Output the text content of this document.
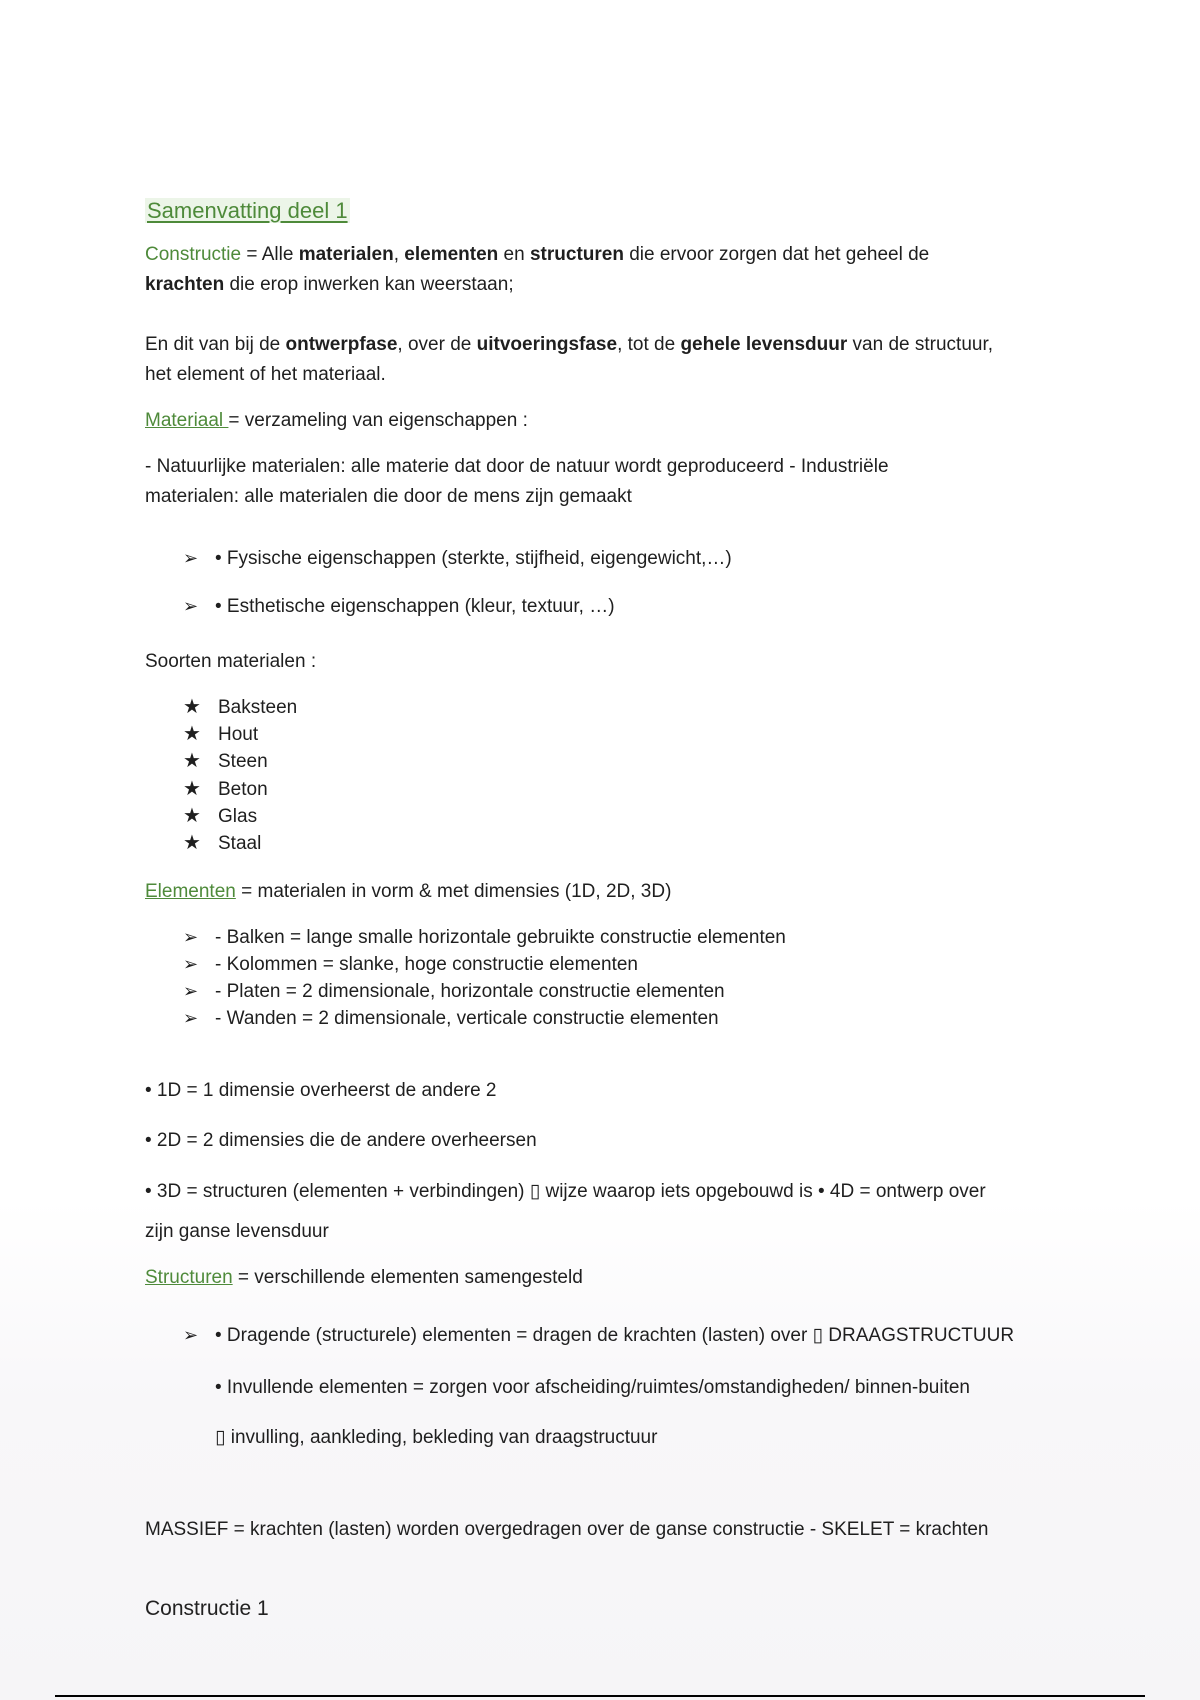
Samenvatting deel 1
Constructie = Alle materialen, elementen en structuren die ervoor zorgen dat het geheel de
krachten die erop inwerken kan weerstaan;
En dit van bij de ontwerpfase, over de uitvoeringsfase, tot de gehele levensduur van de structuur,
het element of het materiaal.
Materiaal = verzameling van eigenschappen :
- Natuurlijke materialen: alle materie dat door de natuur wordt geproduceerd - Industriële
materialen: alle materialen die door de mens zijn gemaakt
➢ • Fysische eigenschappen (sterkte, stijfheid, eigengewicht,…)
➢ • Esthetische eigenschappen (kleur, textuur, …)
Soorten materialen :
★ Baksteen
★ Hout
★ Steen
★ Beton
★ Glas
★ Staal
Elementen = materialen in vorm & met dimensies (1D, 2D, 3D)
➢ - Balken = lange smalle horizontale gebruikte constructie elementen
➢ - Kolommen = slanke, hoge constructie elementen
➢ - Platen = 2 dimensionale, horizontale constructie elementen
➢ - Wanden = 2 dimensionale, verticale constructie elementen
• 1D = 1 dimensie overheerst de andere 2
• 2D = 2 dimensies die de andere overheersen
• 3D = structuren (elementen + verbindingen) ▯ wijze waarop iets opgebouwd is • 4D = ontwerp over
zijn ganse levensduur
Structuren = verschillende elementen samengesteld
➢ • Dragende (structurele) elementen = dragen de krachten (lasten) over ▯ DRAAGSTRUCTUUR
• Invullende elementen = zorgen voor afscheiding/ruimtes/omstandigheden/ binnen-buiten
▯ invulling, aankleding, bekleding van draagstructuur
MASSIEF = krachten (lasten) worden overgedragen over de ganse constructie - SKELET = krachten
Constructie 1
